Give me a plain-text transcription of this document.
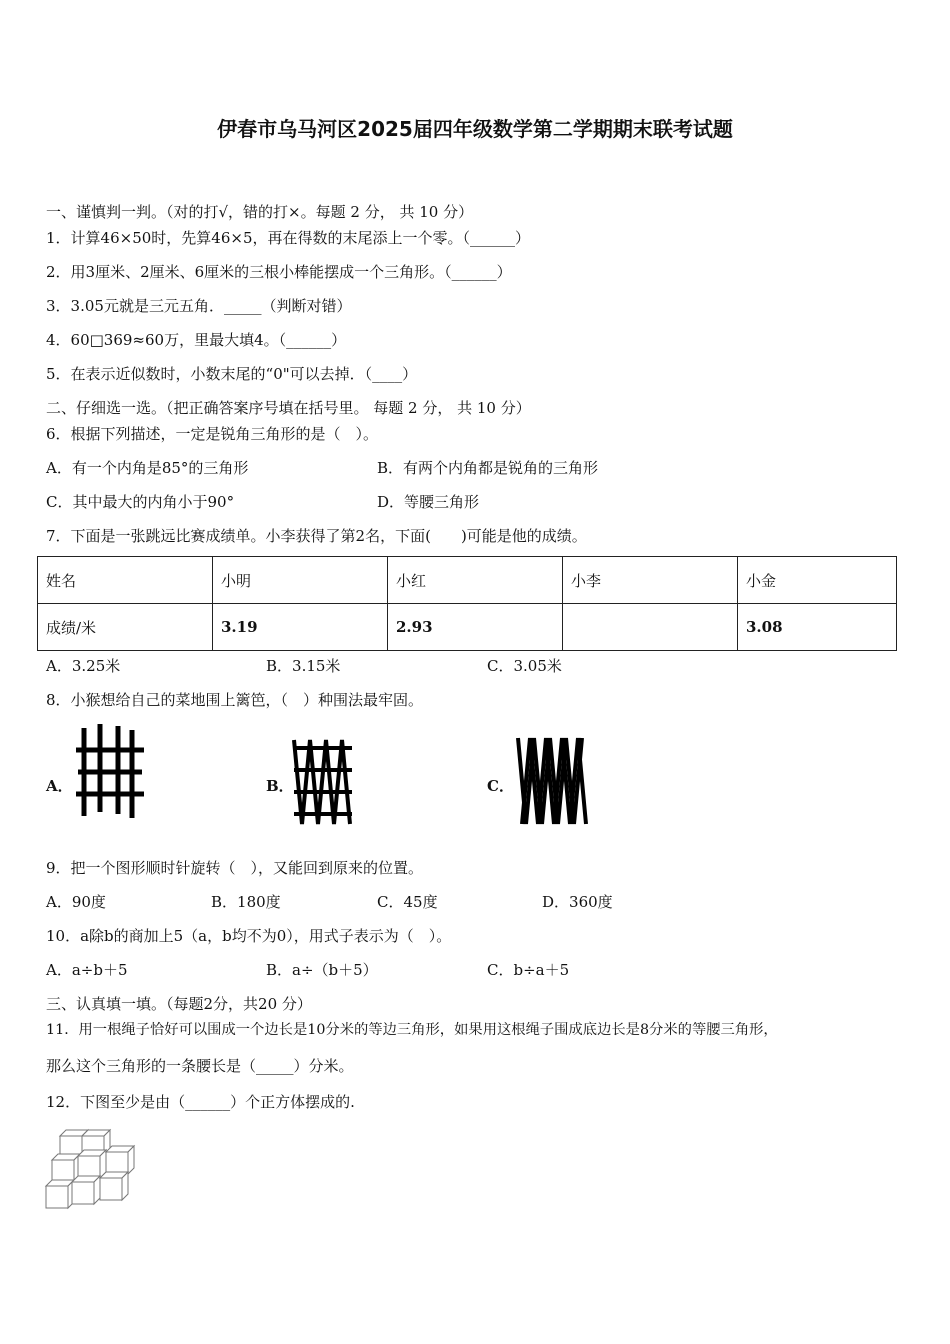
伊春市乌马河区2025届四年级数学第二学期期末联考试题
一、谨慎判一判。（对的打√，错的打×。每题 2 分， 共 10 分）
1．计算46×50时，先算46×5，再在得数的末尾添上一个零。（______）
2．用3厘米、2厘米、6厘米的三根小棒能摆成一个三角形。（______）
3．3.05元就是三元五角．_____（判断对错）
4．60□369≈60万，里最大填4。（______）
5．在表示近似数时，小数末尾的“0"可以去掉．（____）
二、仔细选一选。（把正确答案序号填在括号里。 每题 2 分， 共 10 分）
6．根据下列描述，一定是锐角三角形的是（　）。
A．有一个内角是85°的三角形	B．有两个内角都是锐角的三角形
C．其中最大的内角小于90°	D．等腰三角形
7．下面是一张跳远比赛成绩单。小李获得了第2名，下面(　　)可能是他的成绩。
姓名	小明	小红	小李	小金
成绩/米	3.19	2.93		3.08
A．3.25米	B．3.15米	C．3.05米
8．小猴想给自己的菜地围上篱笆，（　）种围法最牢固。
A．	B．	C．
9．把一个图形顺时针旋转（　），又能回到原来的位置。
A．90度	B．180度	C．45度	D．360度
10．a除b的商加上5（a，b均不为0），用式子表示为（　）。
A．a÷b＋5	B．a÷（b＋5）	C．b÷a＋5
三、认真填一填。（每题2分，共20 分）
11．用一根绳子恰好可以围成一个边长是10分米的等边三角形，如果用这根绳子围成底边长是8分米的等腰三角形，
那么这个三角形的一条腰长是（_____）分米。
12．下图至少是由（______）个正方体摆成的.
